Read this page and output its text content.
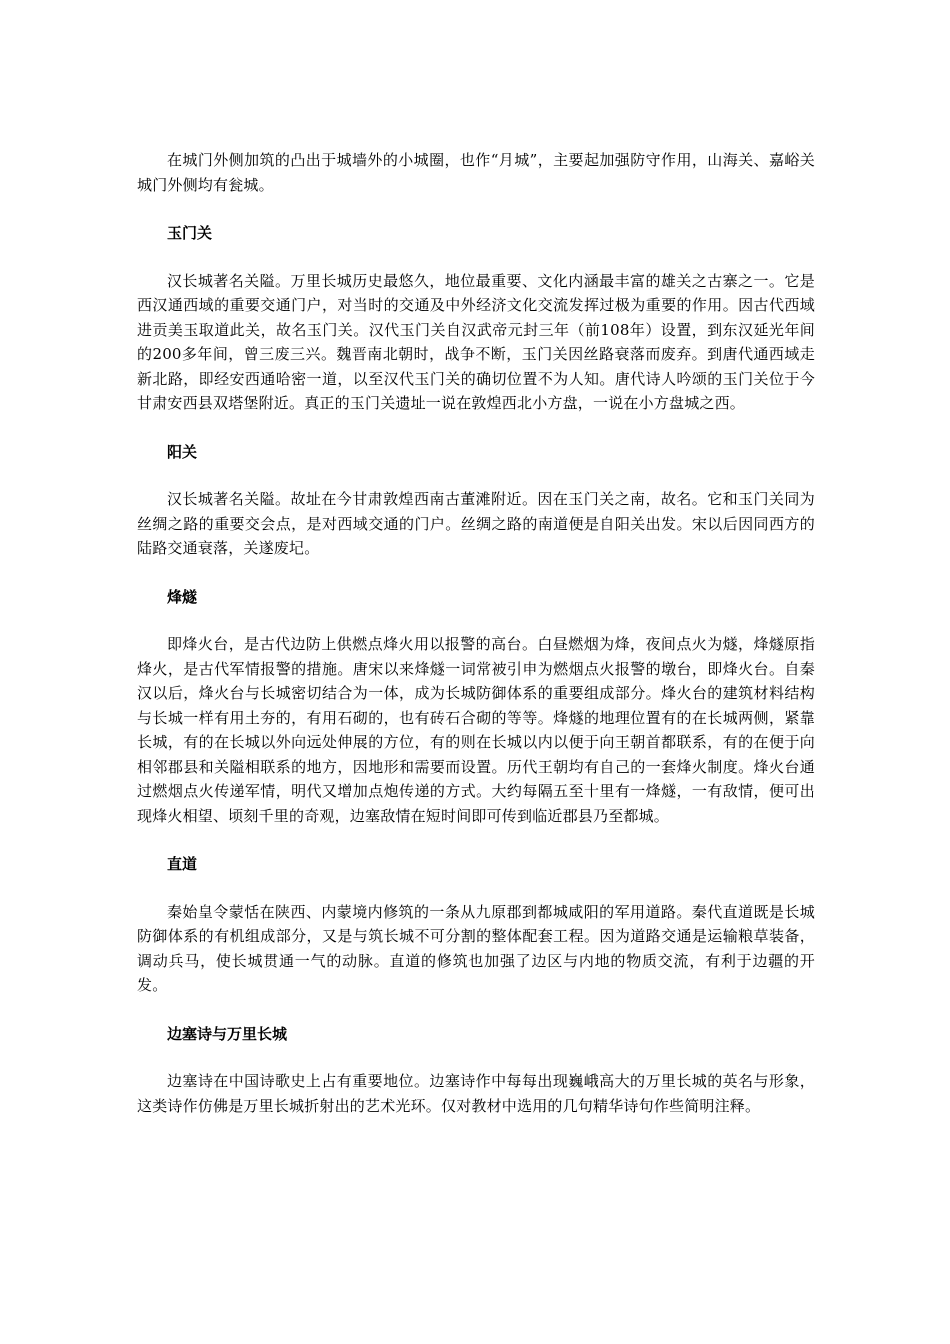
在城门外侧加筑的凸出于城墙外的小城圈，也作“月城”，主要起加强防守作用，山海关、嘉峪关城门外侧均有瓮城。

玉门关

汉长城著名关隘。万里长城历史最悠久，地位最重要、文化内涵最丰富的雄关之古寨之一。它是西汉通西域的重要交通门户，对当时的交通及中外经济文化交流发挥过极为重要的作用。因古代西域进贡美玉取道此关，故名玉门关。汉代玉门关自汉武帝元封三年（前108年）设置，到东汉延光年间的200多年间，曾三废三兴。魏晋南北朝时，战争不断，玉门关因丝路衰落而废弃。到唐代通西域走新北路，即经安西通哈密一道，以至汉代玉门关的确切位置不为人知。唐代诗人吟颂的玉门关位于今甘肃安西县双塔堡附近。真正的玉门关遗址一说在敦煌西北小方盘，一说在小方盘城之西。

阳关

汉长城著名关隘。故址在今甘肃敦煌西南古董滩附近。因在玉门关之南，故名。它和玉门关同为丝绸之路的重要交会点，是对西域交通的门户。丝绸之路的南道便是自阳关出发。宋以后因同西方的陆路交通衰落，关遂废圮。

烽燧

即烽火台，是古代边防上供燃点烽火用以报警的高台。白昼燃烟为烽，夜间点火为燧，烽燧原指烽火，是古代军情报警的措施。唐宋以来烽燧一词常被引申为燃烟点火报警的墩台，即烽火台。自秦汉以后，烽火台与长城密切结合为一体，成为长城防御体系的重要组成部分。烽火台的建筑材料结构与长城一样有用土夯的，有用石砌的，也有砖石合砌的等等。烽燧的地理位置有的在长城两侧，紧靠长城，有的在长城以外向远处伸展的方位，有的则在长城以内以便于向王朝首都联系，有的在便于向相邻郡县和关隘相联系的地方，因地形和需要而设置。历代王朝均有自己的一套烽火制度。烽火台通过燃烟点火传递军情，明代又增加点炮传递的方式。大约每隔五至十里有一烽燧，一有敌情，便可出现烽火相望、顷刻千里的奇观，边塞敌情在短时间即可传到临近郡县乃至都城。

直道

秦始皇令蒙恬在陕西、内蒙境内修筑的一条从九原郡到都城咸阳的军用道路。秦代直道既是长城防御体系的有机组成部分，又是与筑长城不可分割的整体配套工程。因为道路交通是运输粮草装备，调动兵马，使长城贯通一气的动脉。直道的修筑也加强了边区与内地的物质交流，有利于边疆的开发。

边塞诗与万里长城

边塞诗在中国诗歌史上占有重要地位。边塞诗作中每每出现巍峨高大的万里长城的英名与形象，这类诗作仿佛是万里长城折射出的艺术光环。仅对教材中选用的几句精华诗句作些简明注释。
